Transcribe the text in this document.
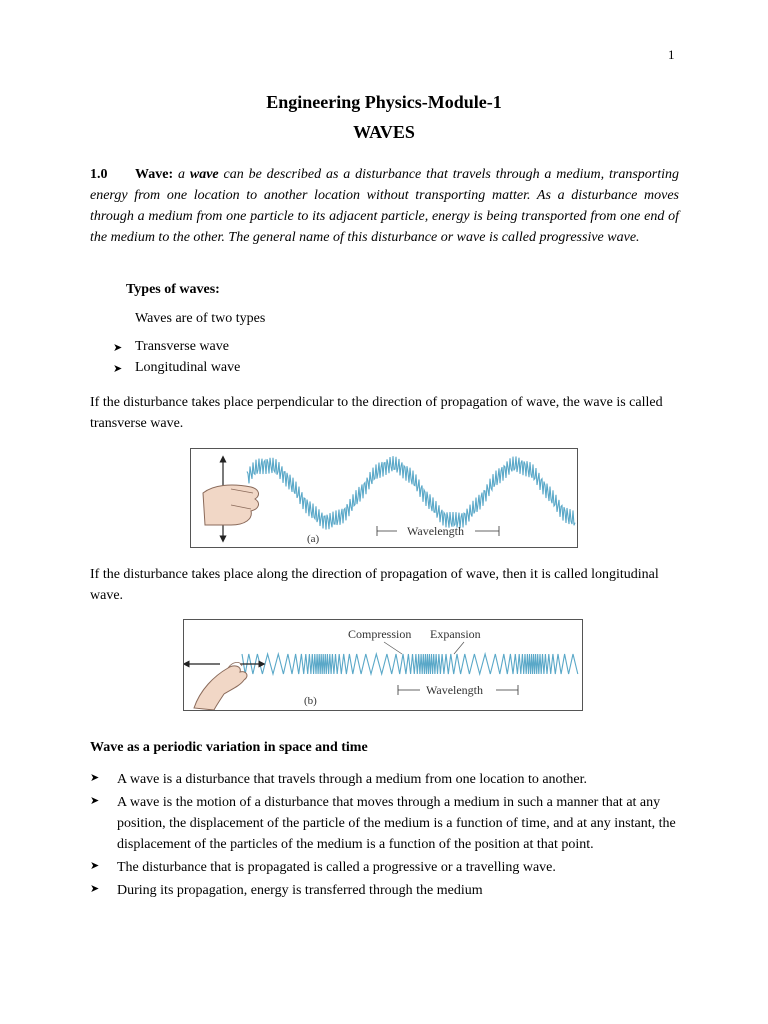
1
Engineering Physics-Module-1
WAVES
1.0 Wave: a wave can be described as a disturbance that travels through a medium, transporting energy from one location to another location without transporting matter. As a disturbance moves through a medium from one particle to its adjacent particle, energy is being transported from one end of the medium to the other. The general name of this disturbance or wave is called progressive wave.
Types of waves:
Waves are of two types
➤ Transverse wave
➤ Longitudinal wave
If the disturbance takes place perpendicular to the direction of propagation of wave, the wave is called transverse wave.
Wavelength
(a)
If the disturbance takes place along the direction of propagation of wave, then it is called longitudinal wave.
Compression Expansion
Wavelength
(b)
Wave as a periodic variation in space and time
➤	A wave is a disturbance that travels through a medium from one location to another.
➤	A wave is the motion of a disturbance that moves through a medium in such a manner that at any position, the displacement of the particle of the medium is a function of time, and at any instant, the displacement of the particles of the medium is a function of the position at that point.
➤	The disturbance that is propagated is called a progressive or a travelling wave.
➤	During its propagation, energy is transferred through the medium
